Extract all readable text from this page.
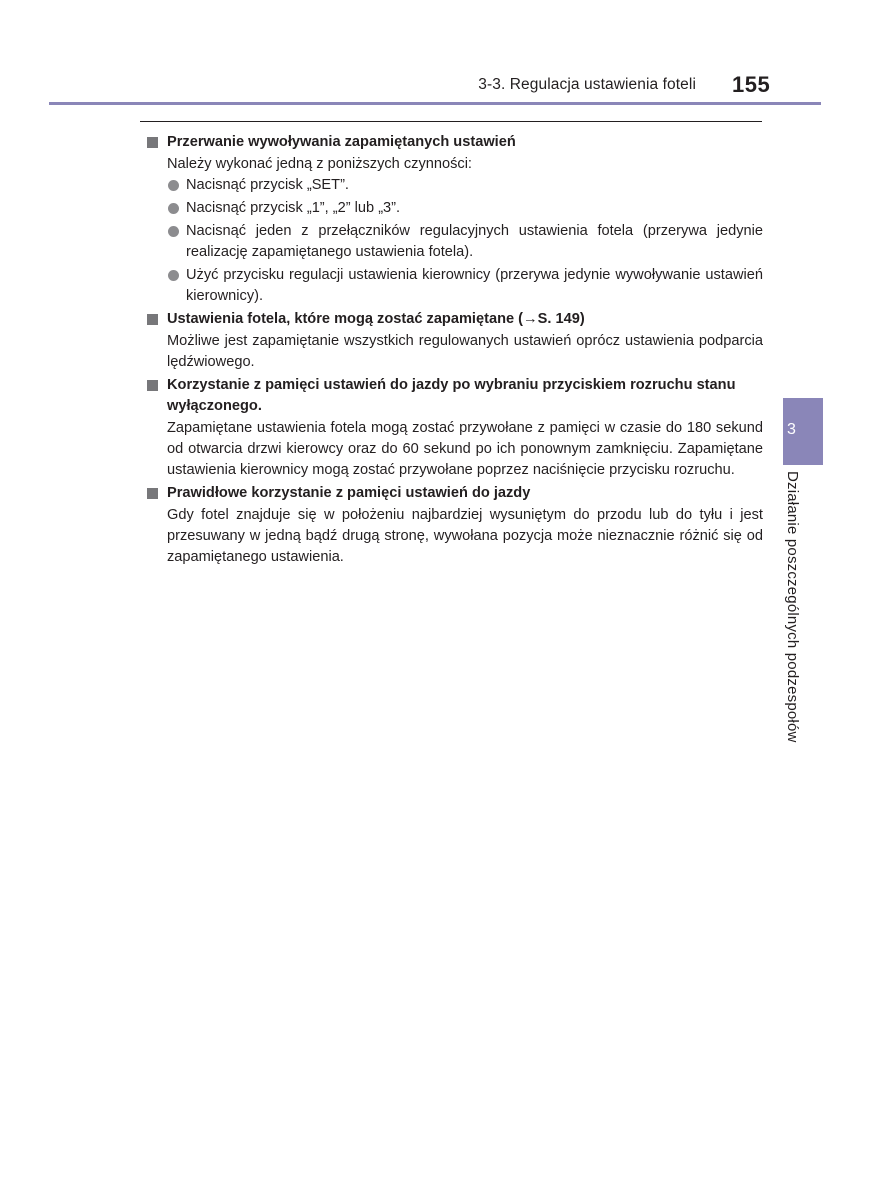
3-3. Regulacja ustawienia foteli 155
Przerwanie wywoływania zapamiętanych ustawień
Należy wykonać jedną z poniższych czynności:
Nacisnąć przycisk „SET”.
Nacisnąć przycisk „1”, „2” lub „3”.
Nacisnąć jeden z przełączników regulacyjnych ustawienia fotela (przerywa jedynie realizację zapamiętanego ustawienia fotela).
Użyć przycisku regulacji ustawienia kierownicy (przerywa jedynie wywoływanie ustawień kierownicy).
Ustawienia fotela, które mogą zostać zapamiętane (→S. 149)
Możliwe jest zapamiętanie wszystkich regulowanych ustawień oprócz ustawienia podparcia lędźwiowego.
Korzystanie z pamięci ustawień do jazdy po wybraniu przyciskiem rozruchu stanu wyłączonego.
Zapamiętane ustawienia fotela mogą zostać przywołane z pamięci w czasie do 180 sekund od otwarcia drzwi kierowcy oraz do 60 sekund po ich ponownym zamknięciu. Zapamiętane ustawienia kierownicy mogą zostać przywołane poprzez naciśnięcie przycisku rozruchu.
Prawidłowe korzystanie z pamięci ustawień do jazdy
Gdy fotel znajduje się w położeniu najbardziej wysuniętym do przodu lub do tyłu i jest przesuwany w jedną bądź drugą stronę, wywołana pozycja może nieznacznie różnić się od zapamiętanego ustawienia.
3
Działanie poszczególnych podzespołów
